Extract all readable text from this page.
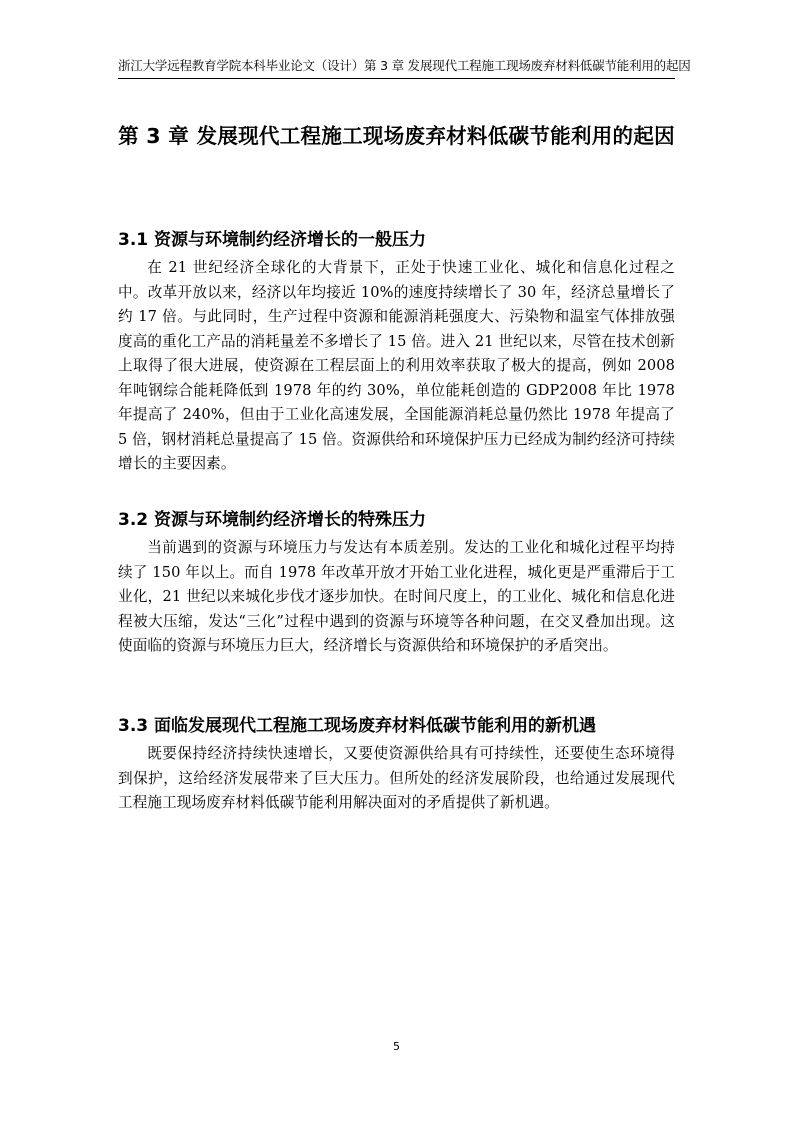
浙江大学远程教育学院本科毕业论文（设计）第 3 章 发展现代工程施工现场废弃材料低碳节能利用的起因
第 3 章 发展现代工程施工现场废弃材料低碳节能利用的起因
3.1 资源与环境制约经济增长的一般压力

在 21 世纪经济全球化的大背景下，正处于快速工业化、城化和信息化过程之中。改革开放以来，经济以年均接近 10%的速度持续增长了 30 年，经济总量增长了约 17 倍。与此同时，生产过程中资源和能源消耗强度大、污染物和温室气体排放强度高的重化工产品的消耗量差不多增长了 15 倍。进入 21 世纪以来，尽管在技术创新上取得了很大进展，使资源在工程层面上的利用效率获取了极大的提高，例如 2008 年吨钢综合能耗降低到 1978 年的约 30%，单位能耗创造的 GDP2008 年比 1978 年提高了 240%，但由于工业化高速发展，全国能源消耗总量仍然比 1978 年提高了 5 倍，钢材消耗总量提高了 15 倍。资源供给和环境保护压力已经成为制约经济可持续增长的主要因素。

3.2 资源与环境制约经济增长的特殊压力

当前遇到的资源与环境压力与发达有本质差别。发达的工业化和城化过程平均持续了 150 年以上。而自 1978 年改革开放才开始工业化进程，城化更是严重滞后于工业化，21 世纪以来城化步伐才逐步加快。在时间尺度上，的工业化、城化和信息化进程被大压缩，发达“三化”过程中遇到的资源与环境等各种问题，在交叉叠加出现。这使面临的资源与环境压力巨大，经济增长与资源供给和环境保护的矛盾突出。

3.3 面临发展现代工程施工现场废弃材料低碳节能利用的新机遇

既要保持经济持续快速增长，又要使资源供给具有可持续性，还要使生态环境得到保护，这给经济发展带来了巨大压力。但所处的经济发展阶段，也给通过发展现代工程施工现场废弃材料低碳节能利用解决面对的矛盾提供了新机遇。

5
